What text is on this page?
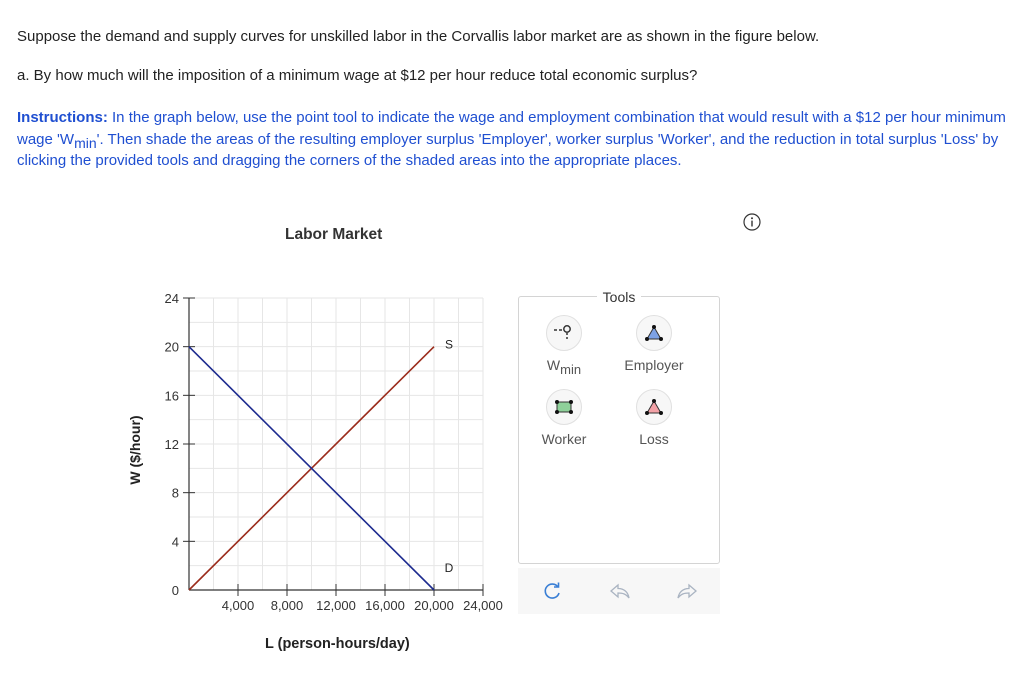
Suppose the demand and supply curves for unskilled labor in the Corvallis labor market are as shown in the figure below.

a. By how much will the imposition of a minimum wage at $12 per hour reduce total economic surplus?

Instructions: In the graph below, use the point tool to indicate the wage and employment combination that would result with a $12 per hour minimum wage '$W_{min}$'. Then shade the areas of the resulting employer surplus 'Employer', worker surplus 'Worker', and the reduction in total surplus 'Loss' by clicking the provided tools and dragging the corners of the shaded areas into the appropriate places.

Labor Market
W ($/hour)
L (person-hours/day)
0
4
8
12
16
20
24
4,000 8,000 12,000 16,000 20,000 24,000
S
D
Tools
$W_{min}$	Employer
Worker	Loss
